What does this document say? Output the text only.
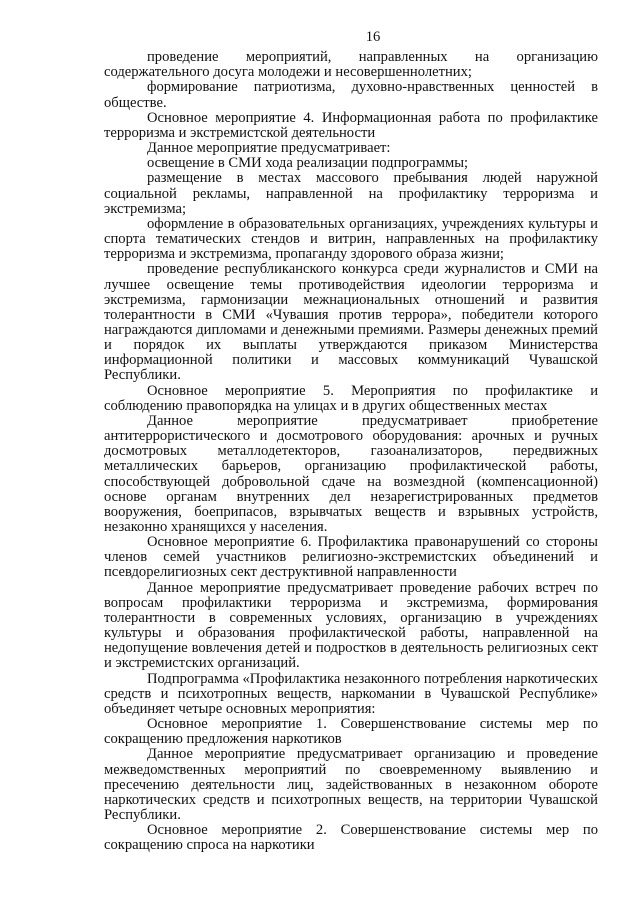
16

проведение мероприятий, направленных на организацию содержательного досуга молодежи и несовершеннолетних;

формирование патриотизма, духовно-нравственных ценностей в обществе.

Основное мероприятие 4. Информационная работа по профилактике терроризма и экстремистской деятельности

Данное мероприятие предусматривает:

освещение в СМИ хода реализации подпрограммы;

размещение в местах массового пребывания людей наружной социальной рекламы, направленной на профилактику терроризма и экстремизма;

оформление в образовательных организациях, учреждениях культуры и спорта тематических стендов и витрин, направленных на профилактику терроризма и экстремизма, пропаганду здорового образа жизни;

проведение республиканского конкурса среди журналистов и СМИ на лучшее освещение темы противодействия идеологии терроризма и экстремизма, гармонизации межнациональных отношений и развития толерантности в СМИ «Чувашия против террора», победители которого награждаются дипломами и денежными премиями. Размеры денежных премий и порядок их выплаты утверждаются приказом Министерства информационной политики и массовых коммуникаций Чувашской Республики.

Основное мероприятие 5. Мероприятия по профилактике и соблюдению правопорядка на улицах и в других общественных местах

Данное мероприятие предусматривает приобретение антитеррористического и досмотрового оборудования: арочных и ручных досмотровых металлодетекторов, газоанализаторов, передвижных металлических барьеров, организацию профилактической работы, способствующей добровольной сдаче на возмездной (компенсационной) основе органам внутренних дел незарегистрированных предметов вооружения, боеприпасов, взрывчатых веществ и взрывных устройств, незаконно хранящихся у населения.

Основное мероприятие 6. Профилактика правонарушений со стороны членов семей участников религиозно-экстремистских объединений и псевдорелигиозных сект деструктивной направленности

Данное мероприятие предусматривает проведение рабочих встреч по вопросам профилактики терроризма и экстремизма, формирования толерантности в современных условиях, организацию в учреждениях культуры и образования профилактической работы, направленной на недопущение вовлечения детей и подростков в деятельность религиозных сект и экстремистских организаций.

Подпрограмма «Профилактика незаконного потребления наркотических средств и психотропных веществ, наркомании в Чувашской Республике» объединяет четыре основных мероприятия:

Основное мероприятие 1. Совершенствование системы мер по сокращению предложения наркотиков

Данное мероприятие предусматривает организацию и проведение межведомственных мероприятий по своевременному выявлению и пресечению деятельности лиц, задействованных в незаконном обороте наркотических средств и психотропных веществ, на территории Чувашской Республики.

Основное мероприятие 2. Совершенствование системы мер по сокращению спроса на наркотики
